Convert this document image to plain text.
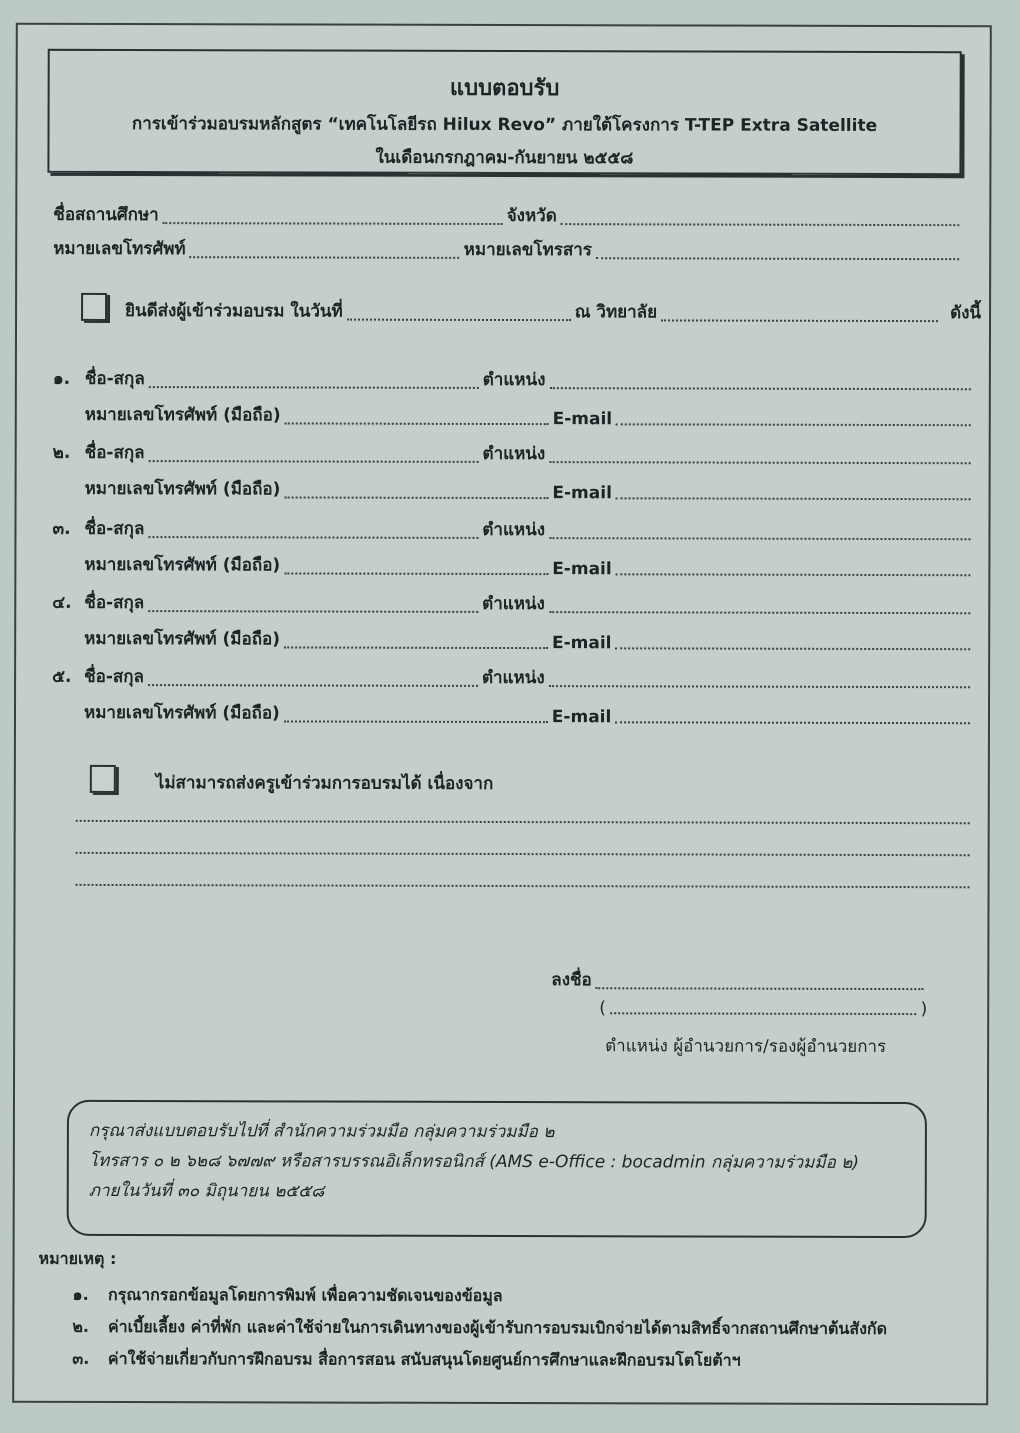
แบบตอบรับ
การเข้าร่วมอบรมหลักสูตร “เทคโนโลยีรถ Hilux Revo” ภายใต้โครงการ T-TEP Extra Satellite
ในเดือนกรกฎาคม-กันยายน ๒๕๕๘
ชื่อสถานศึกษา	จังหวัด
หมายเลขโทรศัพท์	หมายเลขโทรสาร
ยินดีส่งผู้เข้าร่วมอบรม ในวันที่	ณ วิทยาลัย	ดังนี้
๑. ชื่อ-สกุล	ตำแหน่ง
หมายเลขโทรศัพท์ (มือถือ)	E-mail
๒. ชื่อ-สกุล	ตำแหน่ง
หมายเลขโทรศัพท์ (มือถือ)	E-mail
๓. ชื่อ-สกุล	ตำแหน่ง
หมายเลขโทรศัพท์ (มือถือ)	E-mail
๔. ชื่อ-สกุล	ตำแหน่ง
หมายเลขโทรศัพท์ (มือถือ)	E-mail
๕. ชื่อ-สกุล	ตำแหน่ง
หมายเลขโทรศัพท์ (มือถือ)	E-mail
ไม่สามารถส่งครูเข้าร่วมการอบรมได้ เนื่องจาก
ลงชื่อ
(	)
ตำแหน่ง ผู้อำนวยการ/รองผู้อำนวยการ
กรุณาส่งแบบตอบรับไปที่ สำนักความร่วมมือ กลุ่มความร่วมมือ ๒
โทรสาร ๐ ๒ ๖๒๘ ๖๗๗๙ หรือสารบรรณอิเล็กทรอนิกส์ (AMS e-Office : bocadmin กลุ่มความร่วมมือ ๒)
ภายในวันที่ ๓๐ มิถุนายน ๒๕๕๘
หมายเหตุ :
๑. กรุณากรอกข้อมูลโดยการพิมพ์ เพื่อความชัดเจนของข้อมูล
๒. ค่าเบี้ยเลี้ยง ค่าที่พัก และค่าใช้จ่ายในการเดินทางของผู้เข้ารับการอบรมเบิกจ่ายได้ตามสิทธิ์จากสถานศึกษาต้นสังกัด
๓. ค่าใช้จ่ายเกี่ยวกับการฝึกอบรม สื่อการสอน สนับสนุนโดยศูนย์การศึกษาและฝึกอบรมโตโยต้าฯ
